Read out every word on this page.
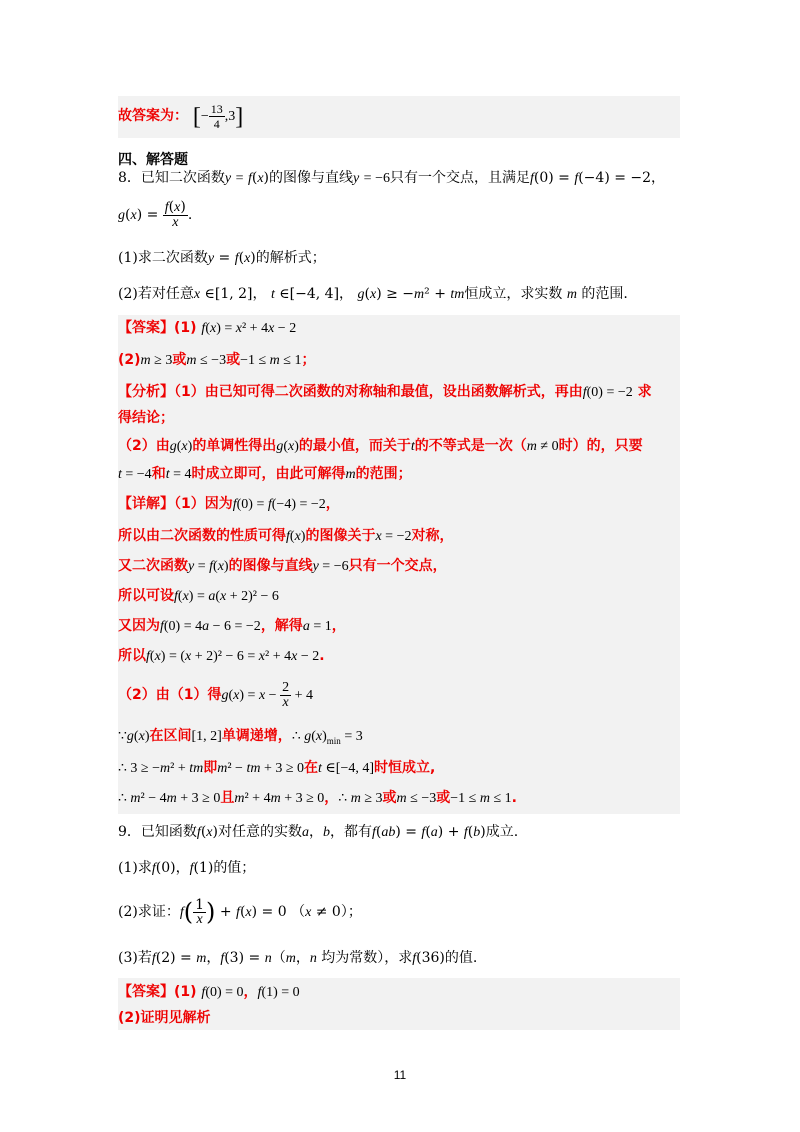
故答案为： [− $\frac{13}{4} ,3$]
四、解答题
8．已知二次函数y = f(x)的图像与直线y = −6只有一个交点，且满足f(0) = f(−4) = −2，
$g(x) = \frac{f(x)}{x}$ .
(1)求二次函数y = f(x)的解析式；
(2)若对任意x ∈[1, 2]， t ∈[−4, 4]， g(x) ≥ −m² + tm恒成立，求实数 m 的范围.
【答案】(1) f(x) = x² + 4x − 2
(2)m ≥ 3或m ≤ −3或−1 ≤ m ≤ 1；
【分析】（1）由已知可得二次函数的对称轴和最值，设出函数解析式，再由f(0) = −2 求
得结论；
（2）由g(x)的单调性得出g(x)的最小值，而关于t的不等式是一次（m ≠ 0时）的，只要
t = −4和t = 4时成立即可，由此可解得m的范围；
【详解】（1）因为f(0) = f(−4) = −2，
所以由二次函数的性质可得f(x)的图像关于x = −2对称，
又二次函数y = f(x)的图像与直线y = −6只有一个交点，
所以可设f(x) = a(x + 2)² − 6
又因为f(0) = 4a − 6 = −2，解得a = 1，
所以f(x) = (x + 2)² − 6 = x² + 4x − 2.
（2）由（1）得$g(x) = x - \frac{2}{x} + 4$
∵g(x)在区间[1, 2]单调递增，∴ $g(x)_{min} = 3$
∴ 3 ≥ −m² + tm即m² − tm + 3 ≥ 0在t ∈[−4, 4]时恒成立,
∴ m² − 4m + 3 ≥ 0且m² + 4m + 3 ≥ 0，∴ m ≥ 3或m ≤ −3或−1 ≤ m ≤ 1.
9．已知函数f(x)对任意的实数a，b，都有f(ab) = f(a) + f(b)成立.
(1)求f(0)，f(1)的值；
(2)求证：$f( \frac{1}{x}$ ) + f(x) = 0 （x ≠ 0）；
(3)若f(2) = m，f(3) = n（m，n 均为常数），求f(36)的值.
【答案】(1) f(0) = 0，f(1) = 0
(2)证明见解析
11
